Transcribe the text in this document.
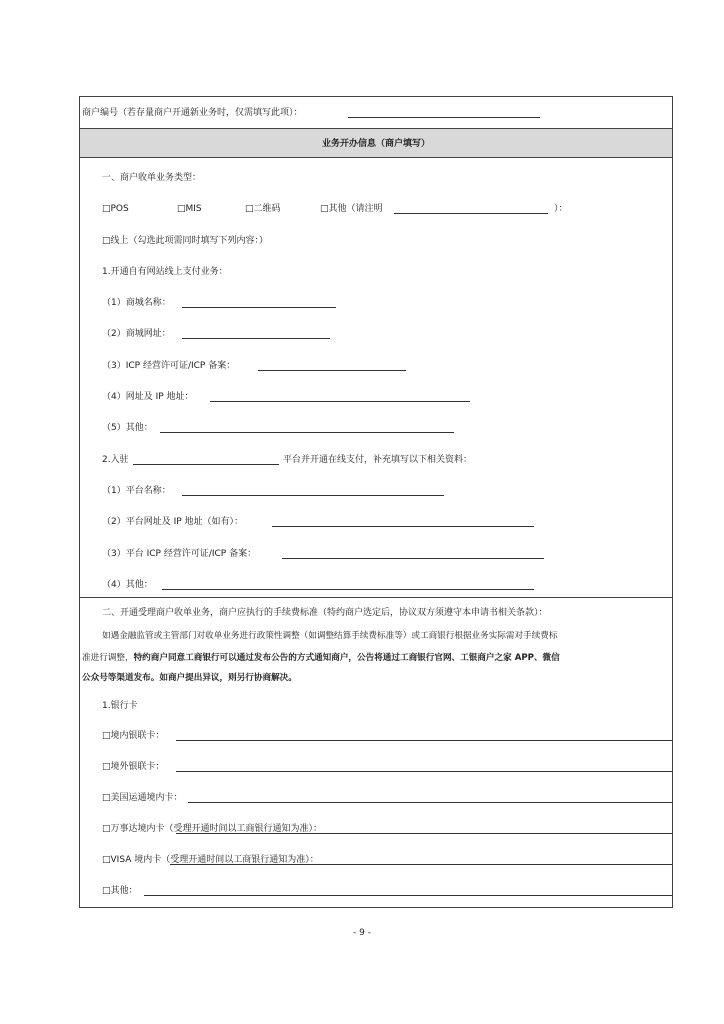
商户编号（若存量商户开通新业务时，仅需填写此项）：
业务开办信息（商户填写）
一、商户收单业务类型：
□POS	□MIS	□二维码	□其他（请注明	）：
□线上（勾选此项需同时填写下列内容：）
1.开通自有网站线上支付业务：
（1）商城名称：
（2）商城网址：
（3）ICP 经营许可证/ICP 备案：
（4）网址及 IP 地址：
（5）其他：
2.入驻	平台并开通在线支付，补充填写以下相关资料：
（1）平台名称：
（2）平台网址及 IP 地址（如有）：
（3）平台 ICP 经营许可证/ICP 备案：
（4）其他：
二、开通受理商户收单业务，商户应执行的手续费标准（特约商户选定后，协议双方须遵守本申请书相关条款）：
如遇金融监管或主管部门对收单业务进行政策性调整（如调整结算手续费标准等）或工商银行根据业务实际需对手续费标
准进行调整，特约商户同意工商银行可以通过发布公告的方式通知商户，公告将通过工商银行官网、工银商户之家 APP、微信
公众号等渠道发布。如商户提出异议，则另行协商解决。
1.银行卡
□境内银联卡：
□境外银联卡：
□美国运通境内卡：
□万事达境内卡（受理开通时间以工商银行通知为准）：
□VISA 境内卡（受理开通时间以工商银行通知为准）：
□其他：
- 9 -
